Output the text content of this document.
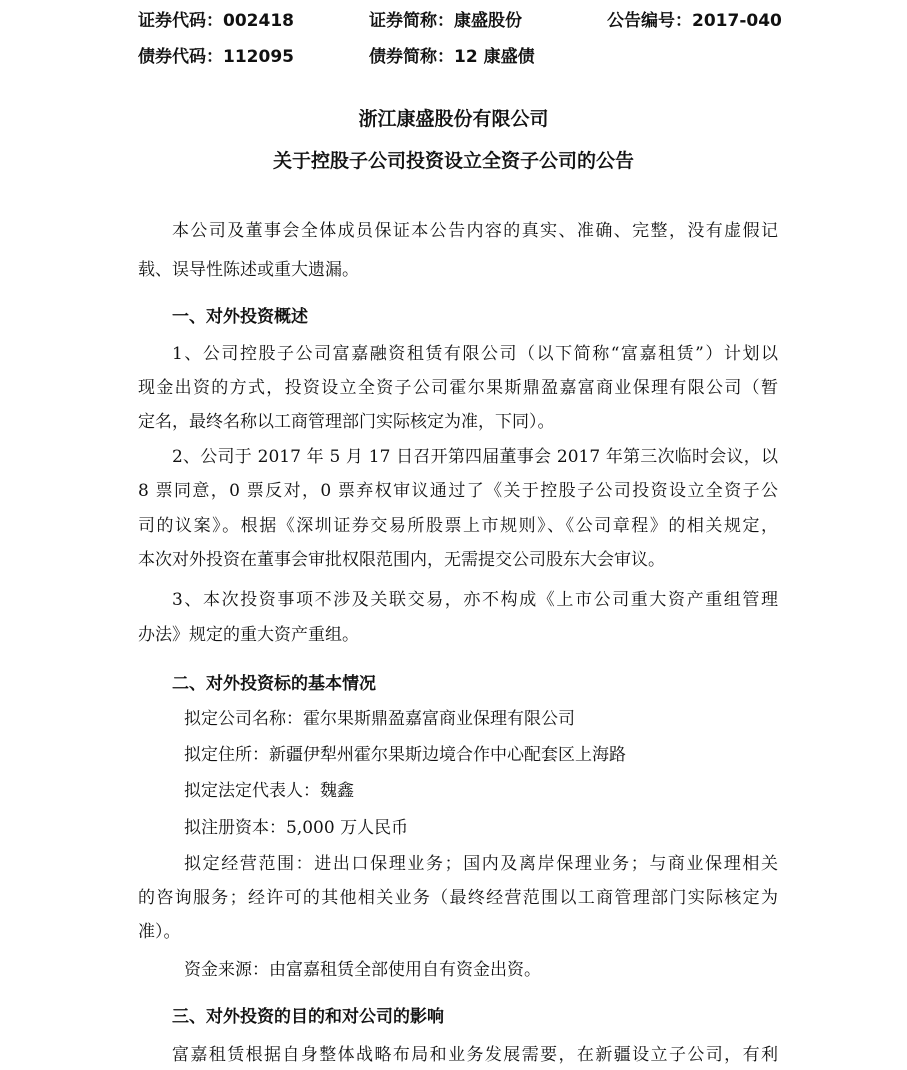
证券代码：002418	证券简称：康盛股份	公告编号：2017-040
债券代码：112095	债券简称：12 康盛债
浙江康盛股份有限公司
关于控股子公司投资设立全资子公司的公告
本公司及董事会全体成员保证本公告内容的真实、准确、完整，没有虚假记
载、误导性陈述或重大遗漏。
一、对外投资概述
1、公司控股子公司富嘉融资租赁有限公司（以下简称“富嘉租赁”）计划以
现金出资的方式，投资设立全资子公司霍尔果斯鼎盈嘉富商业保理有限公司（暂
定名，最终名称以工商管理部门实际核定为准，下同）。
2、公司于 2017 年 5 月 17 日召开第四届董事会 2017 年第三次临时会议，以
8 票同意，0 票反对，0 票弃权审议通过了《关于控股子公司投资设立全资子公
司的议案》。根据《深圳证券交易所股票上市规则》、《公司章程》的相关规定，
本次对外投资在董事会审批权限范围内，无需提交公司股东大会审议。
3、本次投资事项不涉及关联交易，亦不构成《上市公司重大资产重组管理
办法》规定的重大资产重组。
二、对外投资标的基本情况
拟定公司名称：霍尔果斯鼎盈嘉富商业保理有限公司
拟定住所：新疆伊犁州霍尔果斯边境合作中心配套区上海路
拟定法定代表人：魏鑫
拟注册资本：5,000 万人民币
拟定经营范围：进出口保理业务；国内及离岸保理业务；与商业保理相关
的咨询服务；经许可的其他相关业务（最终经营范围以工商管理部门实际核定为
准）。
资金来源：由富嘉租赁全部使用自有资金出资。
三、对外投资的目的和对公司的影响
富嘉租赁根据自身整体战略布局和业务发展需要，在新疆设立子公司，有利
